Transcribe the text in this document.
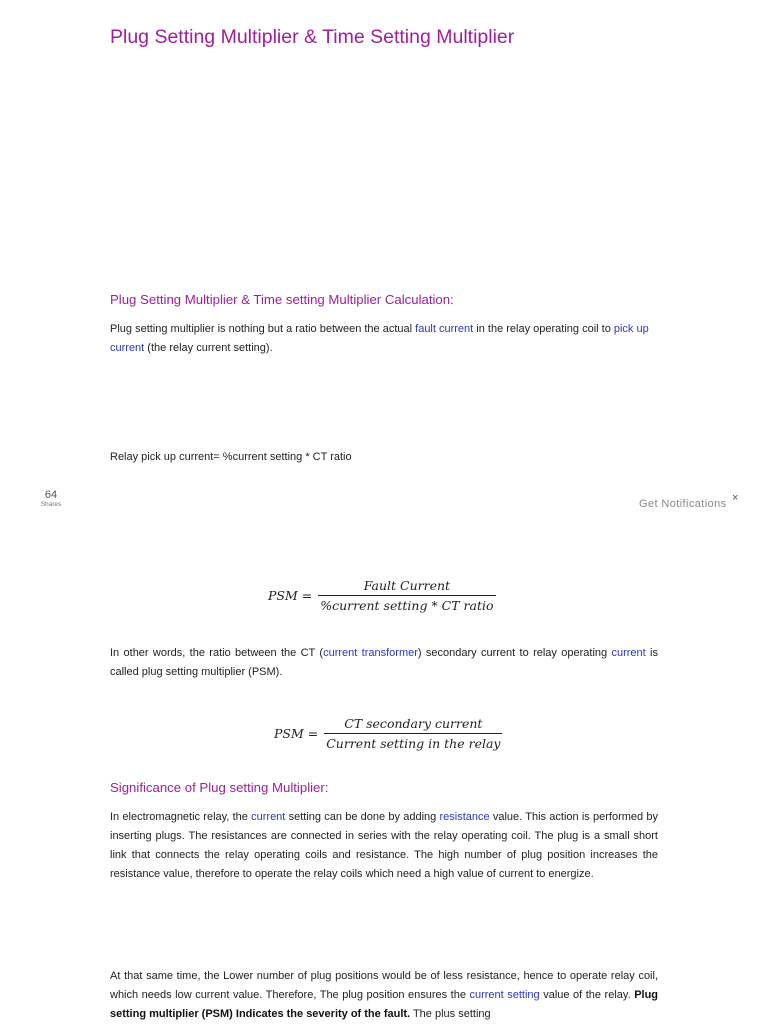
Plug Setting Multiplier & Time Setting Multiplier
Plug Setting Multiplier & Time setting Multiplier Calculation:

Plug setting multiplier is nothing but a ratio between the actual fault current in the relay operating coil to pick up current (the relay current setting).

Relay pick up current= %current setting * CT ratio

64
Shares	Get Notifications ×
PSM = $\frac{\text{Fault Current}}{\text{\%current setting * CT ratio}}$

In other words, the ratio between the CT (current transformer) secondary current to relay operating current is called plug setting multiplier (PSM).

PSM = $\frac{\text{CT secondary current}}{\text{Current setting in the relay}}$
Significance of Plug setting Multiplier:

In electromagnetic relay, the current setting can be done by adding resistance value. This action is performed by inserting plugs. The resistances are connected in series with the relay operating coil. The plug is a small short link that connects the relay operating coils and resistance. The high number of plug position increases the resistance value, therefore to operate the relay coils which need a high value of current to energize.

At that same time, the Lower number of plug positions would be of less resistance, hence to operate relay coil, which needs low current value. Therefore, The plug position ensures the current setting value of the relay. Plug setting multiplier (PSM) Indicates the severity of the fault. The plus setting
